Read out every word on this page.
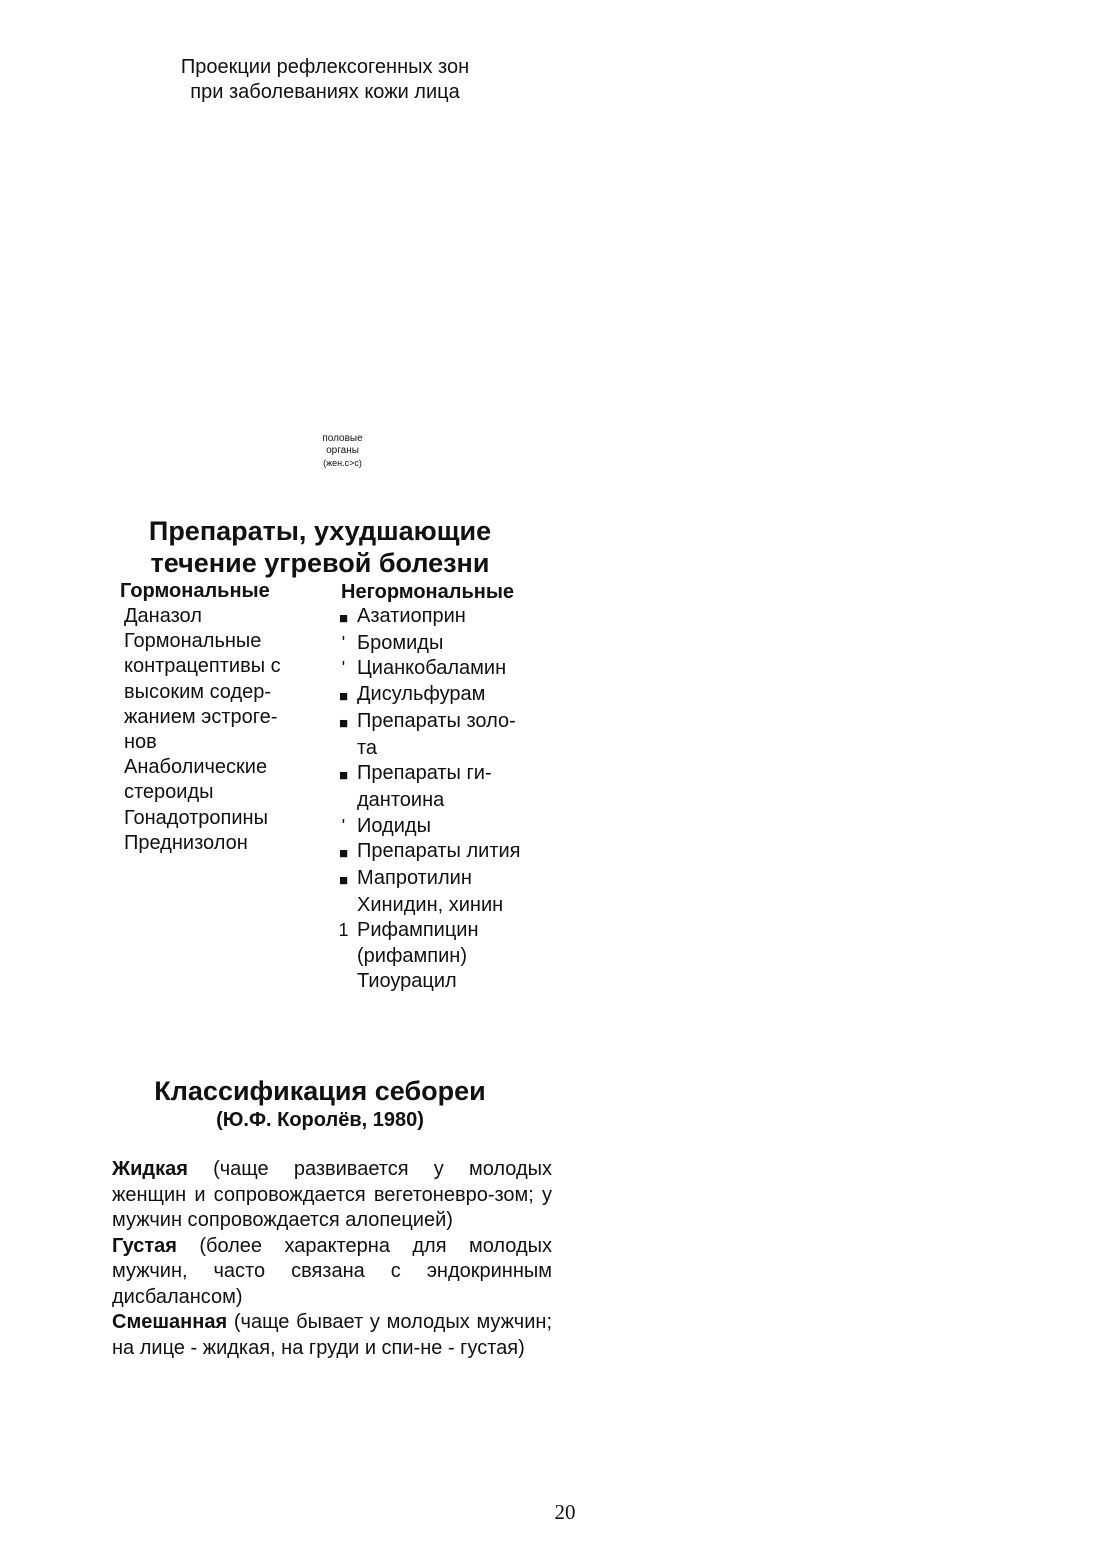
Проекции рефлексогенных зон
при заболеваниях кожи лица
половые
органы
(жен.с>с)
Препараты, ухудшающие
течение угревой болезни
Гормональные	Негормональные
Даназол
Гормональные
контрацептивы с
высоким содер-
жанием эстроге-
нов
Анаболические
стероиды
Гонадотропины
Преднизолон
■ Азатиоприн
' Бромиды
' Цианкобаламин
■ Дисульфурам
■ Препараты золо-
та
■ Препараты ги-
дантоина
' Иодиды
■ Препараты лития
■ Мапротилин
Хинидин, хинин
1 Рифампицин
(рифампин)
Тиоурацил
Классификация себореи
(Ю.Ф. Королёв, 1980)

Жидкая (чаще развивается у молодых женщин и сопровождается вегетоневро-зом; у мужчин сопровождается алопецией)

Густая (более характерна для молодых мужчин, часто связана с эндокринным дисбалансом)

Смешанная (чаще бывает у молодых мужчин; на лице - жидкая, на груди и спи-не - густая)

20
